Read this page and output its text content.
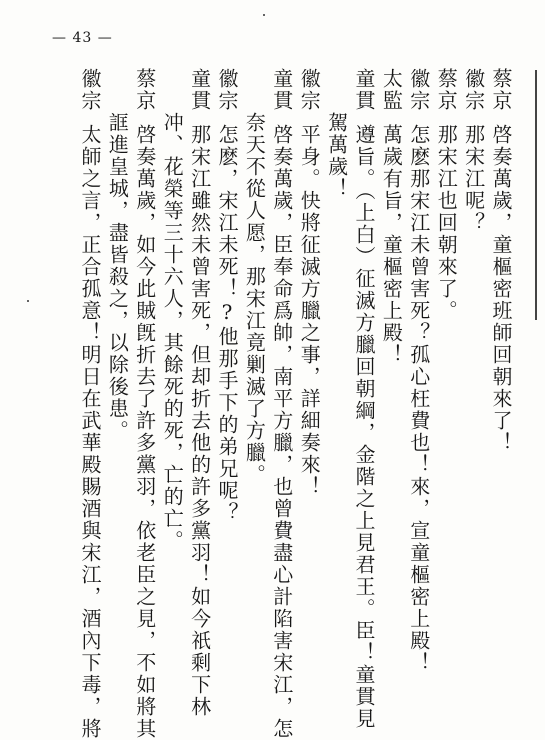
— 43 —
蔡京啓奏萬歲，童樞密班師回朝來了！
徽宗那宋江呢？
蔡京那宋江也回朝來了。
徽宗怎麽那宋江未曾害死？孤心枉費也！來，宣童樞密上殿！
太監萬歲有旨，童樞密上殿！
童貫遵旨。（上白）征滅方臘回朝綱，金階之上見君王。臣！童貫見
駕萬歲！
徽宗平身。快將征滅方臘之事，詳細奏來！
童貫啓奏萬歲，臣奉命爲帥，南平方臘，也曾費盡心計陷害宋江，怎
奈天不從人愿，那宋江竟剿滅了方臘。
徽宗怎麽，宋江未死！?他那手下的弟兄呢？
童貫那宋江雖然未曾害死，但却折去他的許多黨羽！如今祇剩下林
冲、花榮等三十六人，其餘死的死，亡的亡。
蔡京啓奏萬歲，如今此賊旣折去了許多黨羽，依老臣之見，不如將其
誆進皇城，盡皆殺之，以除後患。
徽宗太師之言，正合孤意！明日在武華殿賜酒與宋江，酒內下毒，將
